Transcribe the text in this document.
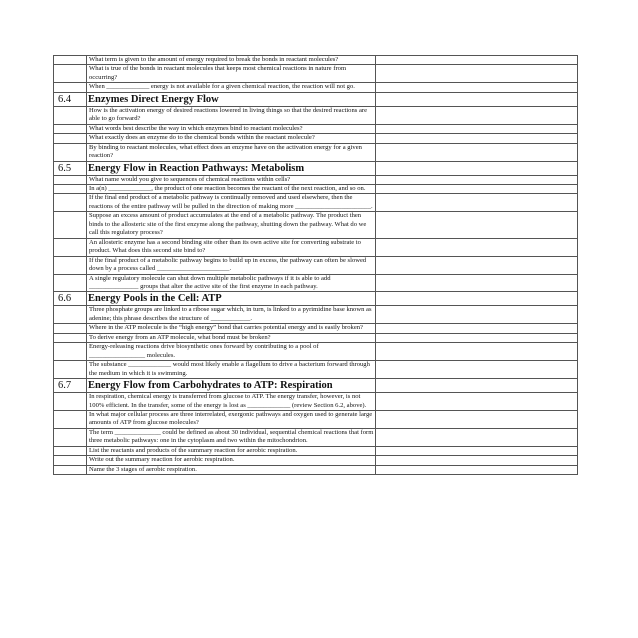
	What term is given to the amount of energy required to break the bonds in reactant molecules?	
	What is true of the bonds in reactant molecules that keeps most chemical reactions in nature from occurring?	
	When _____________ energy is not available for a given chemical reaction, the reaction will not go.	
6.4	Enzymes Direct Energy Flow	
	How is the activation energy of desired reactions lowered in living things so that the desired reactions are able to go forward?	
	What words best describe the way in which enzymes bind to reactant molecules?	
	What exactly does an enzyme do to the chemical bonds within the reactant molecule?	
	By binding to reactant molecules, what effect does an enzyme have on the activation energy for a given reaction?	
6.5	Energy Flow in Reaction Pathways: Metabolism	
	What name would you give to sequences of chemical reactions within cells?	
	In a(n) _____________, the product of one reaction becomes the reactant of the next reaction, and so on.	
	If the final end product of a metabolic pathway is continually removed and used elsewhere, then the reactions of the entire pathway will be pulled in the direction of making more _______________________.	
	Suppose an excess amount of product accumulates at the end of a metabolic pathway. The product then binds to the allosteric site of the first enzyme along the pathway, shutting down the pathway. What do we call this regulatory process?	
	An allosteric enzyme has a second binding site other than its own active site for converting substrate to product. What does this second site bind to?	
	If the final product of a metabolic pathway begins to build up in excess, the pathway can often be slowed down by a process called ______________________.	
	A single regulatory molecule can shut down multiple metabolic pathways if it is able to add _______________ groups that alter the active site of the first enzyme in each pathway.	
6.6	Energy Pools in the Cell: ATP	
	Three phosphate groups are linked to a ribose sugar which, in turn, is linked to a pyrimidine base known as adenine; this phrase describes the structure of ____________.	
	Where in the ATP molecule is the “high energy” bond that carries potential energy and is easily broken?	
	To derive energy from an ATP molecule, what bond must be broken?	
	Energy-releasing reactions drive biosynthetic ones forward by contributing to a pool of _________________ molecules.	
	The substance _____________ would most likely enable a flagellum to drive a bacterium forward through the medium in which it is swimming.	
6.7	Energy Flow from Carbohydrates to ATP: Respiration	
	In respiration, chemical energy is transferred from glucose to ATP. The energy transfer, however, is not 100% efficient. In the transfer, some of the energy is lost as _____________ (review Section 6.2, above).	
	In what major cellular process are three interrelated, exergonic pathways and oxygen used to generate large amounts of ATP from glucose molecules?	
	The term ______________ could be defined as about 30 individual, sequential chemical reactions that form three metabolic pathways: one in the cytoplasm and two within the mitochondrion.	
	List the reactants and products of the summary reaction for aerobic respiration.	
	Write out the summary reaction for aerobic respiration.	
	Name the 3 stages of aerobic respiration.	
